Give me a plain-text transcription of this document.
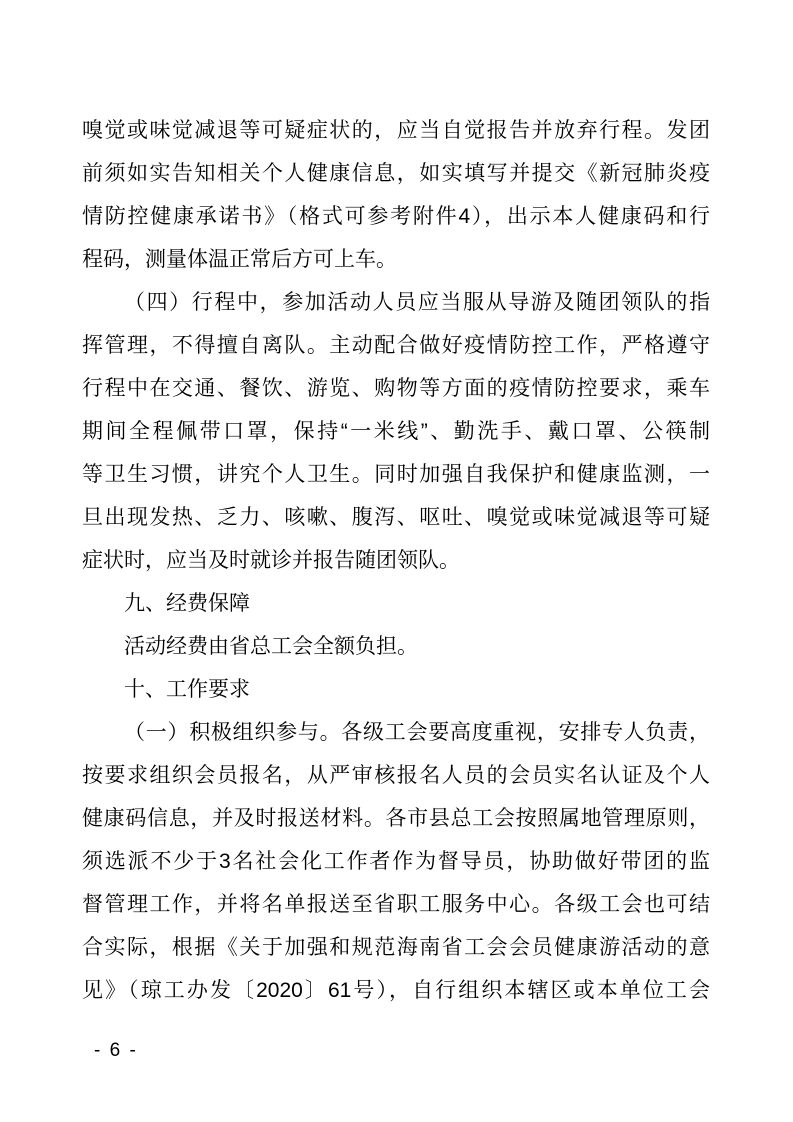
嗅觉或味觉减退等可疑症状的，应当自觉报告并放弃行程。发团
前须如实告知相关个人健康信息，如实填写并提交《新冠肺炎疫
情防控健康承诺书》（格式可参考附件4），出示本人健康码和行
程码，测量体温正常后方可上车。
（四）行程中，参加活动人员应当服从导游及随团领队的指
挥管理，不得擅自离队。主动配合做好疫情防控工作，严格遵守
行程中在交通、餐饮、游览、购物等方面的疫情防控要求，乘车
期间全程佩带口罩，保持“一米线”、勤洗手、戴口罩、公筷制
等卫生习惯，讲究个人卫生。同时加强自我保护和健康监测，一
旦出现发热、乏力、咳嗽、腹泻、呕吐、嗅觉或味觉减退等可疑
症状时，应当及时就诊并报告随团领队。
九、经费保障
活动经费由省总工会全额负担。
十、工作要求
（一）积极组织参与。各级工会要高度重视，安排专人负责，
按要求组织会员报名，从严审核报名人员的会员实名认证及个人
健康码信息，并及时报送材料。各市县总工会按照属地管理原则，
须选派不少于3名社会化工作者作为督导员，协助做好带团的监
督管理工作，并将名单报送至省职工服务中心。各级工会也可结
合实际，根据《关于加强和规范海南省工会会员健康游活动的意
见》（琼工办发〔2020〕61号），自行组织本辖区或本单位工会
- 6 -
